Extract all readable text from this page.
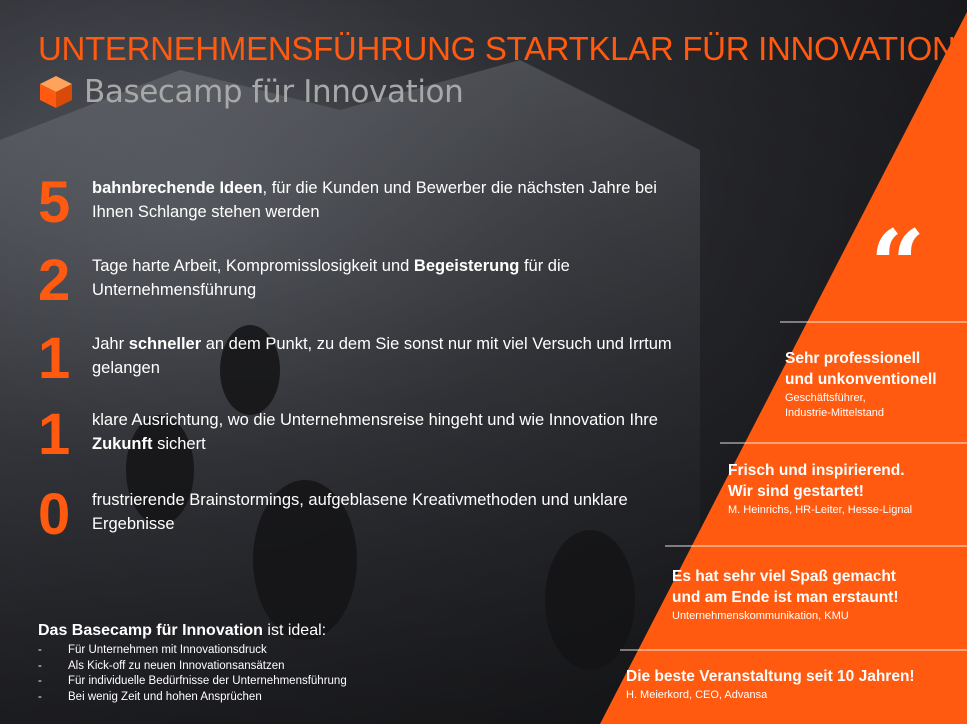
UNTERNEHMENSFÜHRUNG STARTKLAR FÜR INNOVATION
Basecamp für Innovation
5	bahnbrechende Ideen, für die Kunden und Bewerber die nächsten Jahre bei Ihnen Schlange stehen werden
2	Tage harte Arbeit, Kompromisslosigkeit und Begeisterung für die Unternehmensführung
1	Jahr schneller an dem Punkt, zu dem Sie sonst nur mit viel Versuch und Irrtum gelangen
1	klare Ausrichtung, wo die Unternehmensreise hingeht und wie Innovation Ihre Zukunft sichert
0	frustrierende Brainstormings, aufgeblasene Kreativmethoden und unklare Ergebnisse
Das Basecamp für Innovation ist ideal:
-	Für Unternehmen mit Innovationsdruck
-	Als Kick-off zu neuen Innovationsansätzen
-	Für individuelle Bedürfnisse der Unternehmensführung
-	Bei wenig Zeit und hohen Ansprüchen
“
Sehr professionell
und unkonventionell
Geschäftsführer,
Industrie-Mittelstand
Frisch und inspirierend.
Wir sind gestartet!
M. Heinrichs, HR-Leiter, Hesse-Lignal
Es hat sehr viel Spaß gemacht
und am Ende ist man erstaunt!
Unternehmenskommunikation, KMU
Die beste Veranstaltung seit 10 Jahren!
H. Meierkord, CEO, Advansa
